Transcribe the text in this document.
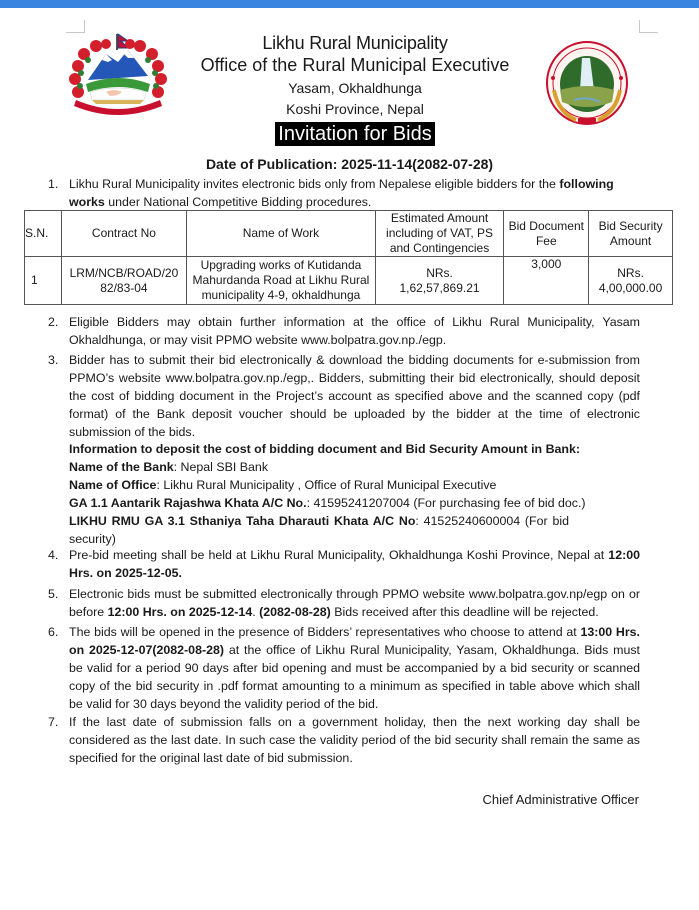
Likhu Rural Municipality
Office of the Rural Municipal Executive
Yasam, Okhaldhunga
Koshi Province, Nepal
Invitation for Bids
Date of Publication: 2025-11-14(2082-07-28)
1. Likhu Rural Municipality invites electronic bids only from Nepalese eligible bidders for the following works under National Competitive Bidding procedures.
S.N.	Contract No	Name of Work	Estimated Amount including of VAT, PS and Contingencies	Bid Document Fee	Bid Security Amount
1	LRM/NCB/ROAD/2082/83-04	Upgrading works of Kutidanda Mahurdanda Road at Likhu Rural municipality 4-9, okhaldhunga	NRs. 1,62,57,869.21	3,000	NRs. 4,00,000.00
2. Eligible Bidders may obtain further information at the office of Likhu Rural Municipality, Yasam Okhaldhunga, or may visit PPMO website www.bolpatra.gov.np./egp.
3. Bidder has to submit their bid electronically & download the bidding documents for e-submission from PPMO’s website www.bolpatra.gov.np./egp,. Bidders, submitting their bid electronically, should deposit the cost of bidding document in the Project’s account as specified above and the scanned copy (pdf format) of the Bank deposit voucher should be uploaded by the bidder at the time of electronic submission of the bids.
Information to deposit the cost of bidding document and Bid Security Amount in Bank:
Name of the Bank: Nepal SBI Bank
Name of Office: Likhu Rural Municipality , Office of Rural Municipal Executive
GA 1.1 Aantarik Rajashwa Khata A/C No.: 41595241207004 (For purchasing fee of bid doc.)
LIKHU RMU GA 3.1 Sthaniya Taha Dharauti Khata A/C No: 41525240600004 (For bid security)
4. Pre-bid meeting shall be held at Likhu Rural Municipality, Okhaldhunga Koshi Province, Nepal at 12:00 Hrs. on 2025-12-05.
5. Electronic bids must be submitted electronically through PPMO website www.bolpatra.gov.np/egp on or before 12:00 Hrs. on 2025-12-14. (2082-08-28) Bids received after this deadline will be rejected.
6. The bids will be opened in the presence of Bidders’ representatives who choose to attend at 13:00 Hrs. on 2025-12-07(2082-08-28) at the office of Likhu Rural Municipality, Yasam, Okhaldhunga. Bids must be valid for a period 90 days after bid opening and must be accompanied by a bid security or scanned copy of the bid security in .pdf format amounting to a minimum as specified in table above which shall be valid for 30 days beyond the validity period of the bid.
7. If the last date of submission falls on a government holiday, then the next working day shall be considered as the last date. In such case the validity period of the bid security shall remain the same as specified for the original last date of bid submission.
Chief Administrative Officer
